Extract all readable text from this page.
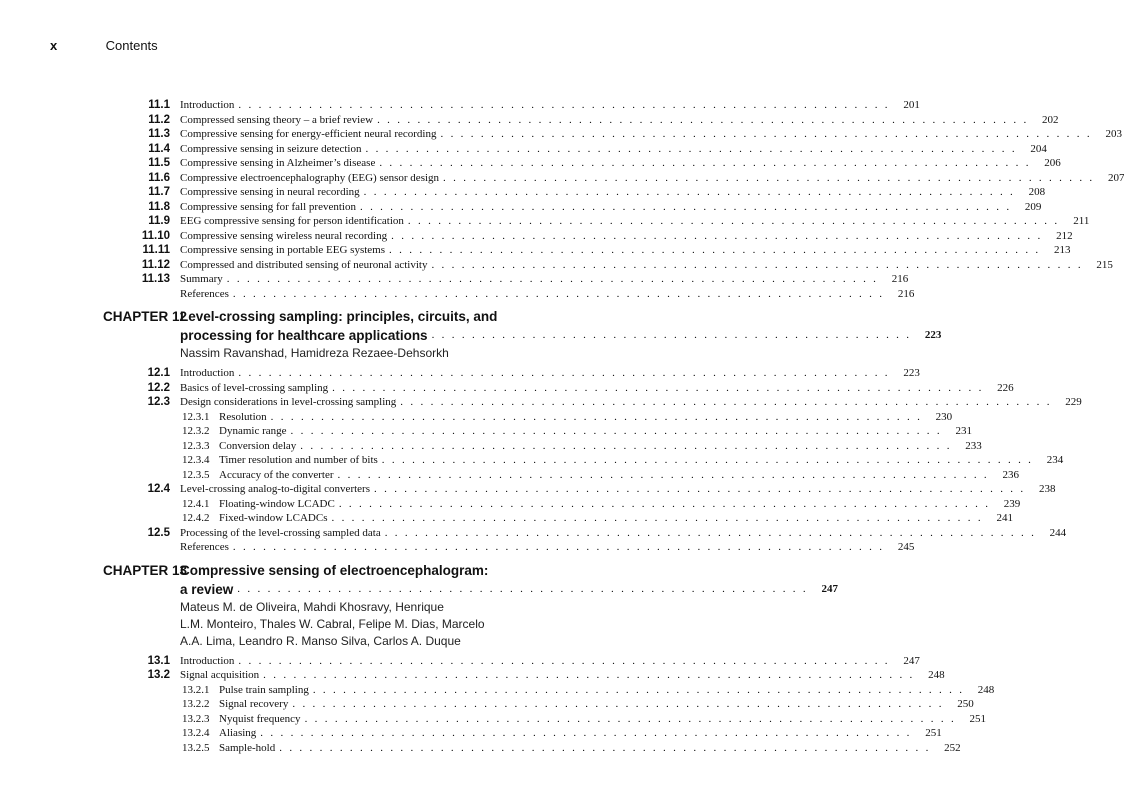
x	Contents
11.1 Introduction . . . . . . . . . . . . . . . . . . . . . . . . . . . . . . . . . . . . . . . . . . . . . . . . . . . . . . . . . . . . . . . . .	201
11.2 Compressed sensing theory – a brief review . . . . . . . . . . . . . . . . . . . . . . . . . . . . . . . . . . . . . . . . . . . . . . . . . . . . . . . . . . . . . . . . .	202
11.3 Compressive sensing for energy-efficient neural recording . . . . . . . . . . . . . . . . . . . . . . . . . . . . . . . . . . . . . . . . . . . . . . . . . . . . . . . . . . . . . . . . .	203
11.4 Compressive sensing in seizure detection . . . . . . . . . . . . . . . . . . . . . . . . . . . . . . . . . . . . . . . . . . . . . . . . . . . . . . . . . . . . . . . . .	204
11.5 Compressive sensing in Alzheimer’s disease . . . . . . . . . . . . . . . . . . . . . . . . . . . . . . . . . . . . . . . . . . . . . . . . . . . . . . . . . . . . . . . . .	206
11.6 Compressive electroencephalography (EEG) sensor design . . . . . . . . . . . . . . . . . . . . . . . . . . . . . . . . . . . . . . . . . . . . . . . . . . . . . . . . . . . . . . . . .	207
11.7 Compressive sensing in neural recording . . . . . . . . . . . . . . . . . . . . . . . . . . . . . . . . . . . . . . . . . . . . . . . . . . . . . . . . . . . . . . . . .	208
11.8 Compressive sensing for fall prevention . . . . . . . . . . . . . . . . . . . . . . . . . . . . . . . . . . . . . . . . . . . . . . . . . . . . . . . . . . . . . . . . .	209
11.9 EEG compressive sensing for person identification . . . . . . . . . . . . . . . . . . . . . . . . . . . . . . . . . . . . . . . . . . . . . . . . . . . . . . . . . . . . . . . . .	211
11.10 Compressive sensing wireless neural recording . . . . . . . . . . . . . . . . . . . . . . . . . . . . . . . . . . . . . . . . . . . . . . . . . . . . . . . . . . . . . . . . .	212
11.11 Compressive sensing in portable EEG systems . . . . . . . . . . . . . . . . . . . . . . . . . . . . . . . . . . . . . . . . . . . . . . . . . . . . . . . . . . . . . . . . .	213
11.12 Compressed and distributed sensing of neuronal activity . . . . . . . . . . . . . . . . . . . . . . . . . . . . . . . . . . . . . . . . . . . . . . . . . . . . . . . . . . . . . . . . .	215
11.13 Summary . . . . . . . . . . . . . . . . . . . . . . . . . . . . . . . . . . . . . . . . . . . . . . . . . . . . . . . . . . . . . . . . .	216
References . . . . . . . . . . . . . . . . . . . . . . . . . . . . . . . . . . . . . . . . . . . . . . . . . . . . . . . . . . . . . . . . .	216
CHAPTER 12
Level-crossing sampling: principles, circuits, and
processing for healthcare applications . . . . . . . . . . . . . . . . . . . . . . . . . . . . . . . . . . . . . . . . . . . . . . . .	223
Nassim Ravanshad, Hamidreza Rezaee-Dehsorkh
12.1 Introduction . . . . . . . . . . . . . . . . . . . . . . . . . . . . . . . . . . . . . . . . . . . . . . . . . . . . . . . . . . . . . . . . .	223
12.2 Basics of level-crossing sampling . . . . . . . . . . . . . . . . . . . . . . . . . . . . . . . . . . . . . . . . . . . . . . . . . . . . . . . . . . . . . . . . .	226
12.3 Design considerations in level-crossing sampling . . . . . . . . . . . . . . . . . . . . . . . . . . . . . . . . . . . . . . . . . . . . . . . . . . . . . . . . . . . . . . . . .	229
12.3.1 Resolution . . . . . . . . . . . . . . . . . . . . . . . . . . . . . . . . . . . . . . . . . . . . . . . . . . . . . . . . . . . . . . . . .	230
12.3.2 Dynamic range . . . . . . . . . . . . . . . . . . . . . . . . . . . . . . . . . . . . . . . . . . . . . . . . . . . . . . . . . . . . . . . . .	231
12.3.3 Conversion delay . . . . . . . . . . . . . . . . . . . . . . . . . . . . . . . . . . . . . . . . . . . . . . . . . . . . . . . . . . . . . . . . .	233
12.3.4 Timer resolution and number of bits . . . . . . . . . . . . . . . . . . . . . . . . . . . . . . . . . . . . . . . . . . . . . . . . . . . . . . . . . . . . . . . . .	234
12.3.5 Accuracy of the converter . . . . . . . . . . . . . . . . . . . . . . . . . . . . . . . . . . . . . . . . . . . . . . . . . . . . . . . . . . . . . . . . .	236
12.4 Level-crossing analog-to-digital converters . . . . . . . . . . . . . . . . . . . . . . . . . . . . . . . . . . . . . . . . . . . . . . . . . . . . . . . . . . . . . . . . .	238
12.4.1 Floating-window LCADC . . . . . . . . . . . . . . . . . . . . . . . . . . . . . . . . . . . . . . . . . . . . . . . . . . . . . . . . . . . . . . . . .	239
12.4.2 Fixed-window LCADCs . . . . . . . . . . . . . . . . . . . . . . . . . . . . . . . . . . . . . . . . . . . . . . . . . . . . . . . . . . . . . . . . .	241
12.5 Processing of the level-crossing sampled data . . . . . . . . . . . . . . . . . . . . . . . . . . . . . . . . . . . . . . . . . . . . . . . . . . . . . . . . . . . . . . . . .	244
References . . . . . . . . . . . . . . . . . . . . . . . . . . . . . . . . . . . . . . . . . . . . . . . . . . . . . . . . . . . . . . . . .	245
CHAPTER 13
Compressive sensing of electroencephalogram:
a review . . . . . . . . . . . . . . . . . . . . . . . . . . . . . . . . . . . . . . . . . . . . . . . . . . . . . . . . .	247
Mateus M. de Oliveira, Mahdi Khosravy, Henrique
L.M. Monteiro, Thales W. Cabral, Felipe M. Dias, Marcelo
A.A. Lima, Leandro R. Manso Silva, Carlos A. Duque
13.1 Introduction . . . . . . . . . . . . . . . . . . . . . . . . . . . . . . . . . . . . . . . . . . . . . . . . . . . . . . . . . . . . . . . . .	247
13.2 Signal acquisition . . . . . . . . . . . . . . . . . . . . . . . . . . . . . . . . . . . . . . . . . . . . . . . . . . . . . . . . . . . . . . . . .	248
13.2.1 Pulse train sampling . . . . . . . . . . . . . . . . . . . . . . . . . . . . . . . . . . . . . . . . . . . . . . . . . . . . . . . . . . . . . . . . .	248
13.2.2 Signal recovery . . . . . . . . . . . . . . . . . . . . . . . . . . . . . . . . . . . . . . . . . . . . . . . . . . . . . . . . . . . . . . . . .	250
13.2.3 Nyquist frequency . . . . . . . . . . . . . . . . . . . . . . . . . . . . . . . . . . . . . . . . . . . . . . . . . . . . . . . . . . . . . . . . .	251
13.2.4 Aliasing . . . . . . . . . . . . . . . . . . . . . . . . . . . . . . . . . . . . . . . . . . . . . . . . . . . . . . . . . . . . . . . . .	251
13.2.5 Sample-hold . . . . . . . . . . . . . . . . . . . . . . . . . . . . . . . . . . . . . . . . . . . . . . . . . . . . . . . . . . . . . . . . .	252
